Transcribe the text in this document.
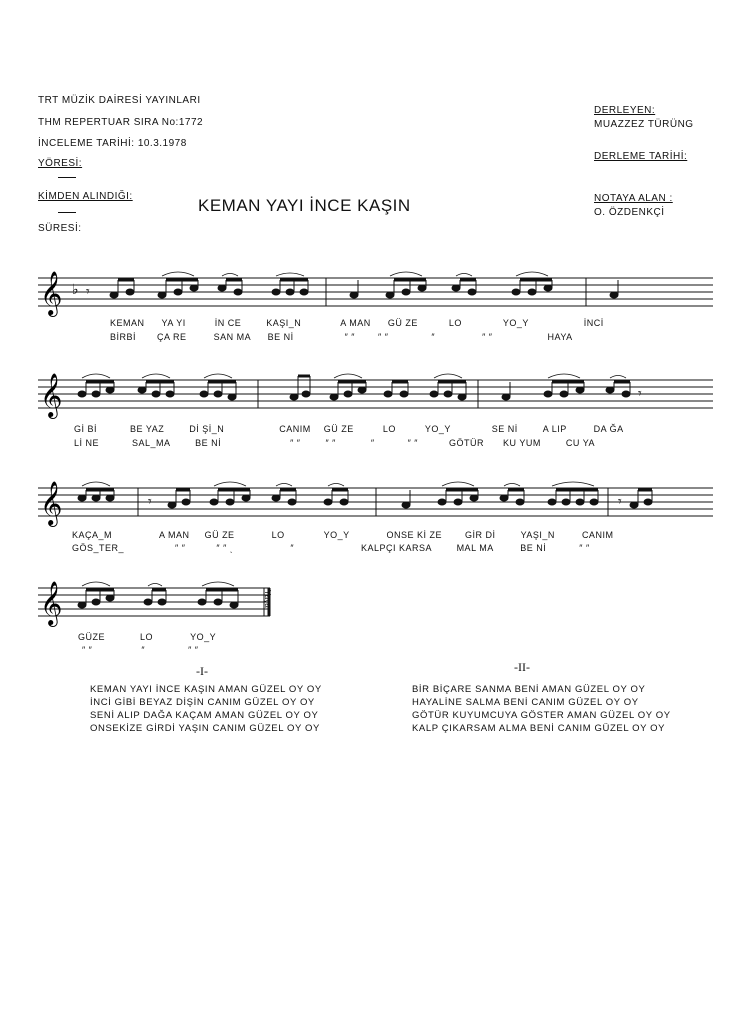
TRT MÜZİK DAİRESİ YAYINLARI
THM REPERTUAR SIRA No:1772
İNCELEME TARİHİ: 10.3.1978
YÖRESİ:
KİMDEN ALINDIĞI:
SÜRESİ:
KEMAN YAYI İNCE KAŞIN
DERLEYEN:
MUAZZEZ TÜRÜNG
DERLEME TARİHİ:
NOTAYA ALAN :
O. ÖZDENKÇİ
𝄞 ♭ 𝄾
KEMAN YA YI	İN CE	KAŞI_N	A MAN GÜ ZE	LO	YO_Y	İNCİ
BİRBİ ÇA RE	SAN MA BE Nİ	″ ″	″ ″	″	″ ″	HAYA
𝄞	𝄾
Gİ Bİ	BE YAZ	Dİ Şİ_N	CANIM GÜ ZE	LO	YO_Y	SE Nİ	A LIP	DA ĞA
Lİ NE	SAL_MA	BE Nİ	″ ″	″ ″	″	″ ″	GÖTÜR KU YUM	CU YA
𝄞	𝄾	𝄾
KAÇA_M	A MAN GÜ ZE	LO	YO_Y	ONSE Kİ ZE	GİR Dİ	YAŞI_N	CANIM
GÖS_TER_	″ ″	″ ″ ˎ	″	KALPÇI KARSA	MAL MA	BE Nİ	″ ″
𝄞	Yaya
GÜZE	LO	YO_Y
″ ″	″	″ ″
-I-
KEMAN YAYI İNCE KAŞIN AMAN GÜZEL OY OY
İNCİ GİBİ BEYAZ DİŞİN CANIM GÜZEL OY OY
SENİ ALIP DAĞA KAÇAM AMAN GÜZEL OY OY
ONSEKİZE GİRDİ YAŞIN CANIM GÜZEL OY OY
-II-
BİR BİÇARE SANMA BENİ AMAN GÜZEL OY OY
HAYALİNE SALMA BENİ CANIM GÜZEL OY OY
GÖTÜR KUYUMCUYA GÖSTER AMAN GÜZEL OY OY
KALP ÇIKARSAM ALMA BENİ CANIM GÜZEL OY OY
